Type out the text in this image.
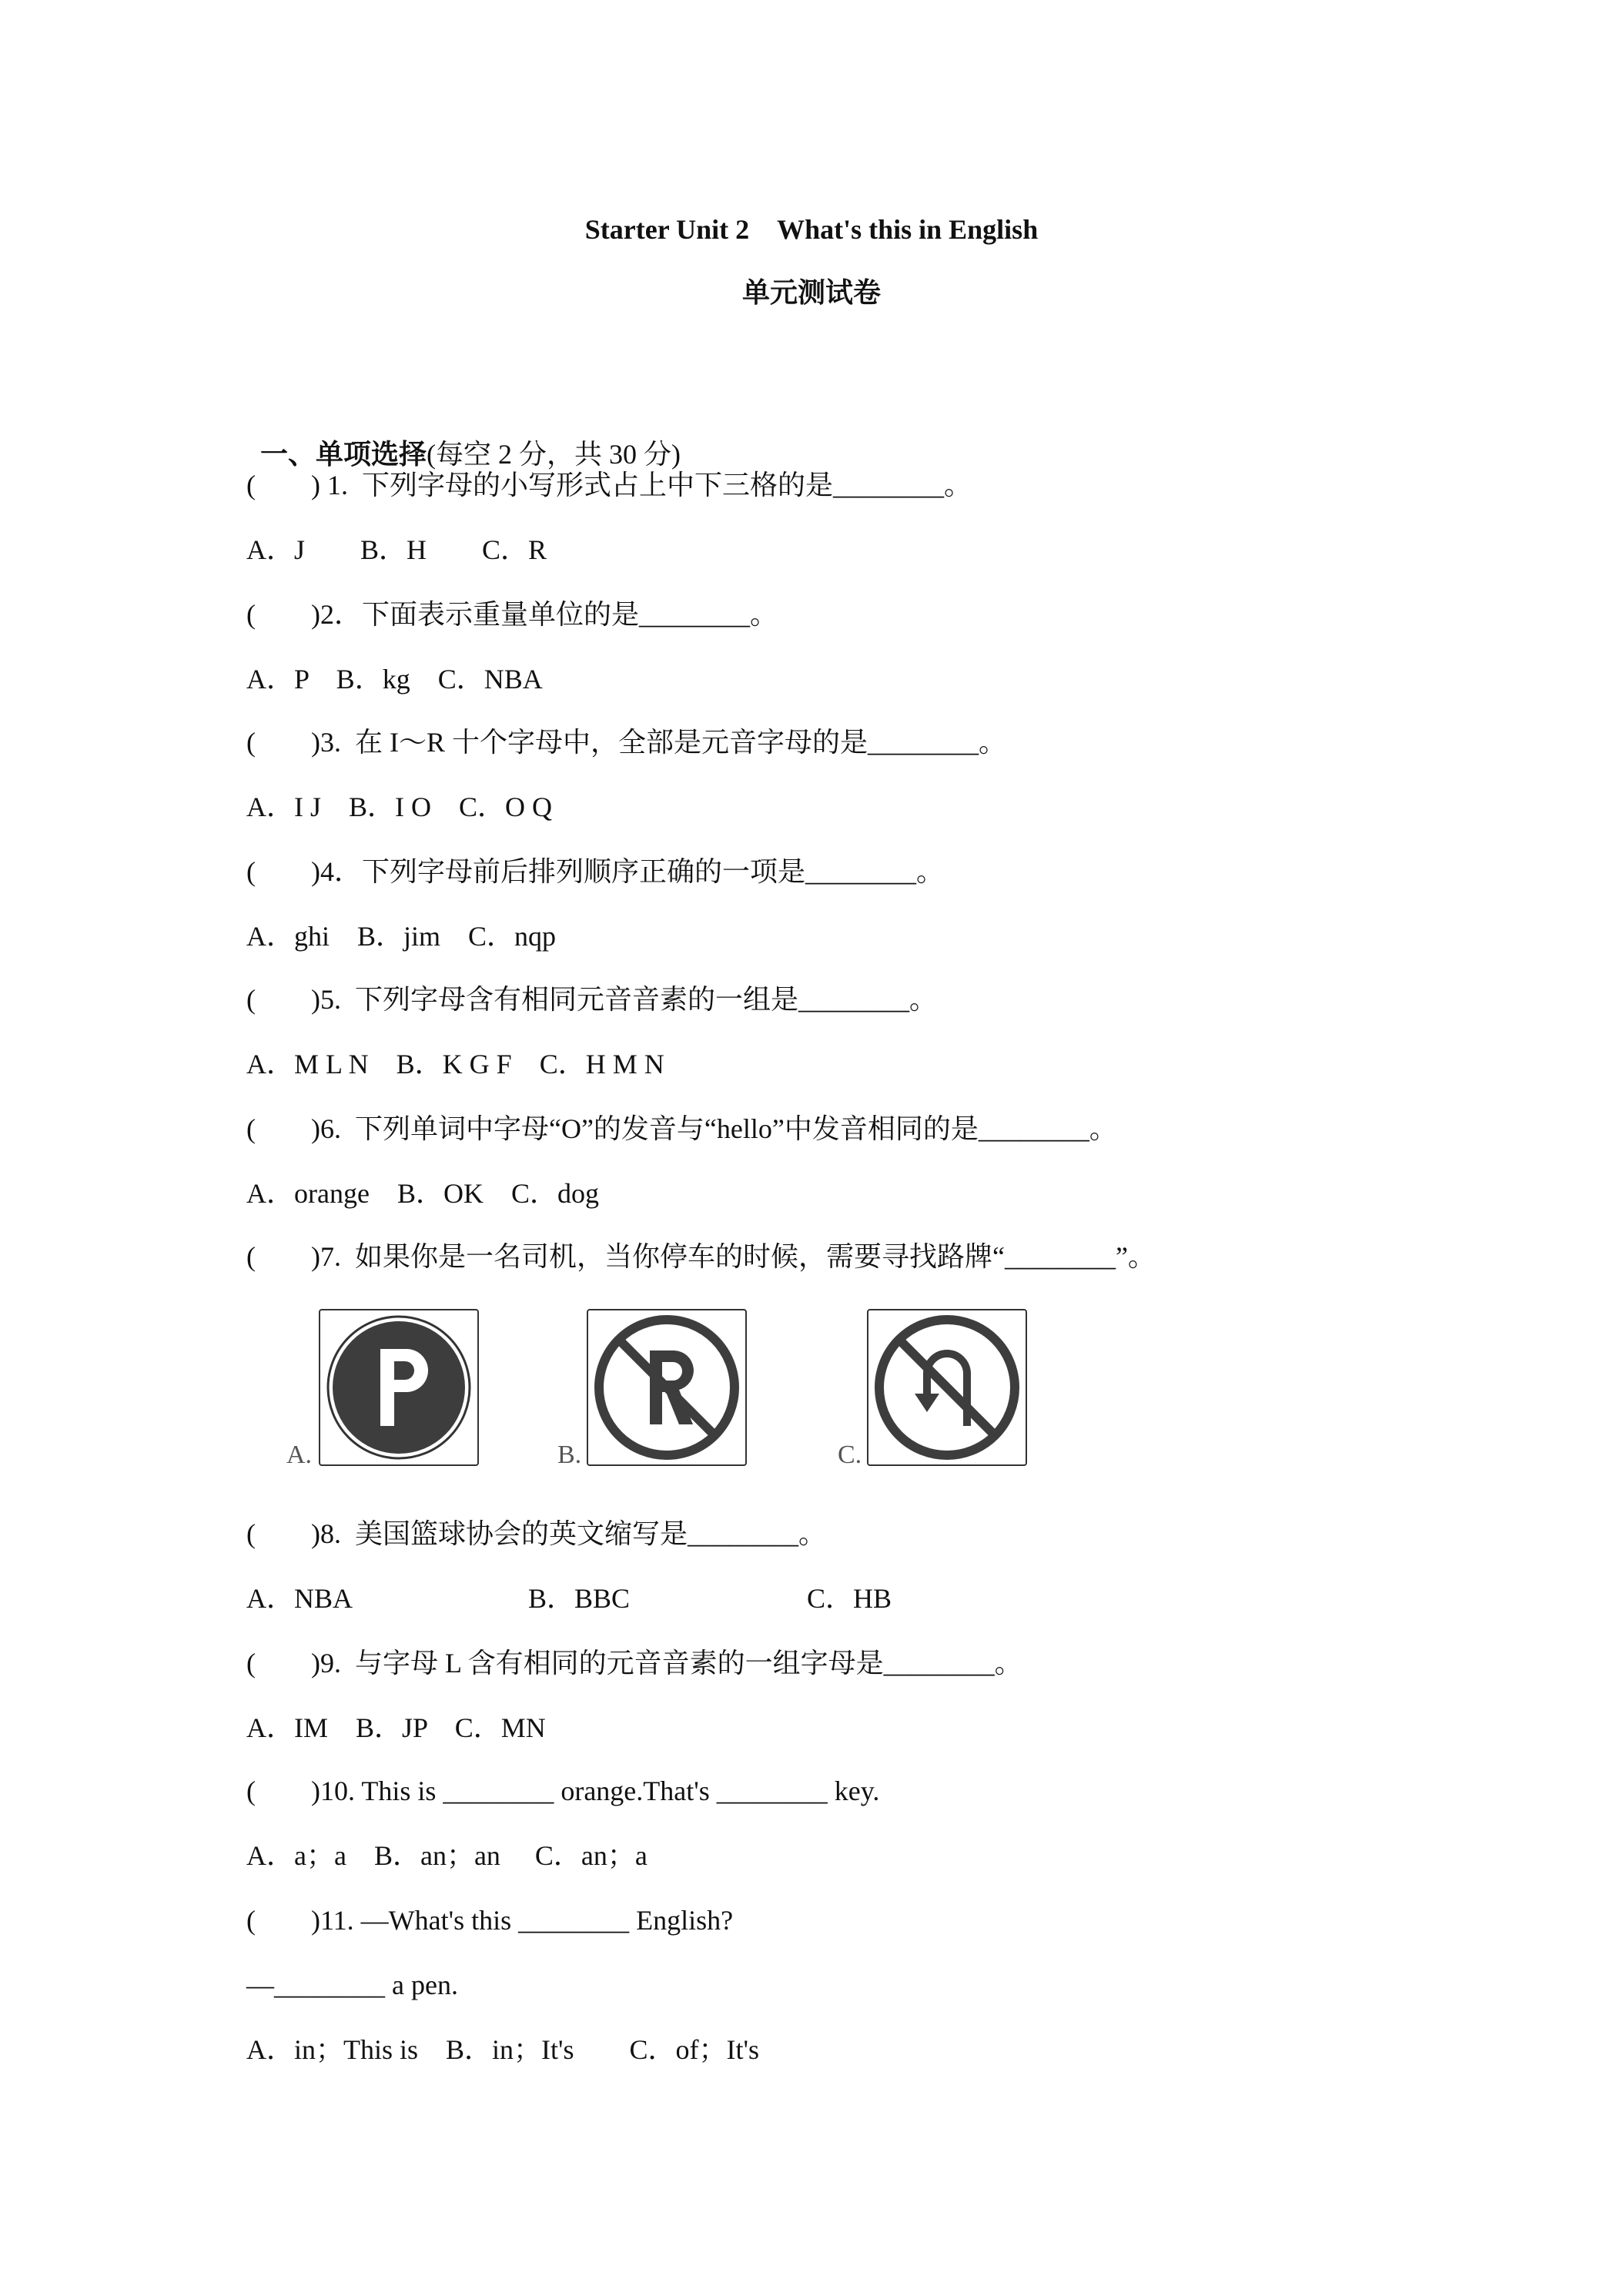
Starter Unit 2　What's this in English
单元测试卷

一、单项选择(每空 2 分，共 30 分)

(　　) 1.  下列字母的小写形式占上中下三格的是________。
A．J　　B．H　　C．R
(　　)2．下面表示重量单位的是________。
A．P　B．kg　C．NBA
(　　)3.  在 I～R 十个字母中，全部是元音字母的是________。
A．I J　B．I O　C．O Q
(　　)4．下列字母前后排列顺序正确的一项是________。
A．ghi　B．jim　C．nqp
(　　)5.  下列字母含有相同元音音素的一组是________。
A．M L N　B．K G F　C．H M N
(　　)6.  下列单词中字母“O”的发音与“hello”中发音相同的是________。
A．orange　B．OK　C．dog
(　　)7.  如果你是一名司机，当你停车的时候，需要寻找路牌“________”。
A.	B.	C.
(　　)8.  美国篮球协会的英文缩写是________。
A．NBA	B．BBC	C．HB
(　　)9.  与字母 L 含有相同的元音音素的一组字母是________。
A．IM　B．JP　C．MN
(　　)10. This is ________ orange.That's ________ key.
A．a；a　B．an；an　 C．an；a
(　　)11. —What's this ________ English?
—________ a pen.
A．in；This is　B．in；It's　　C．of；It's
